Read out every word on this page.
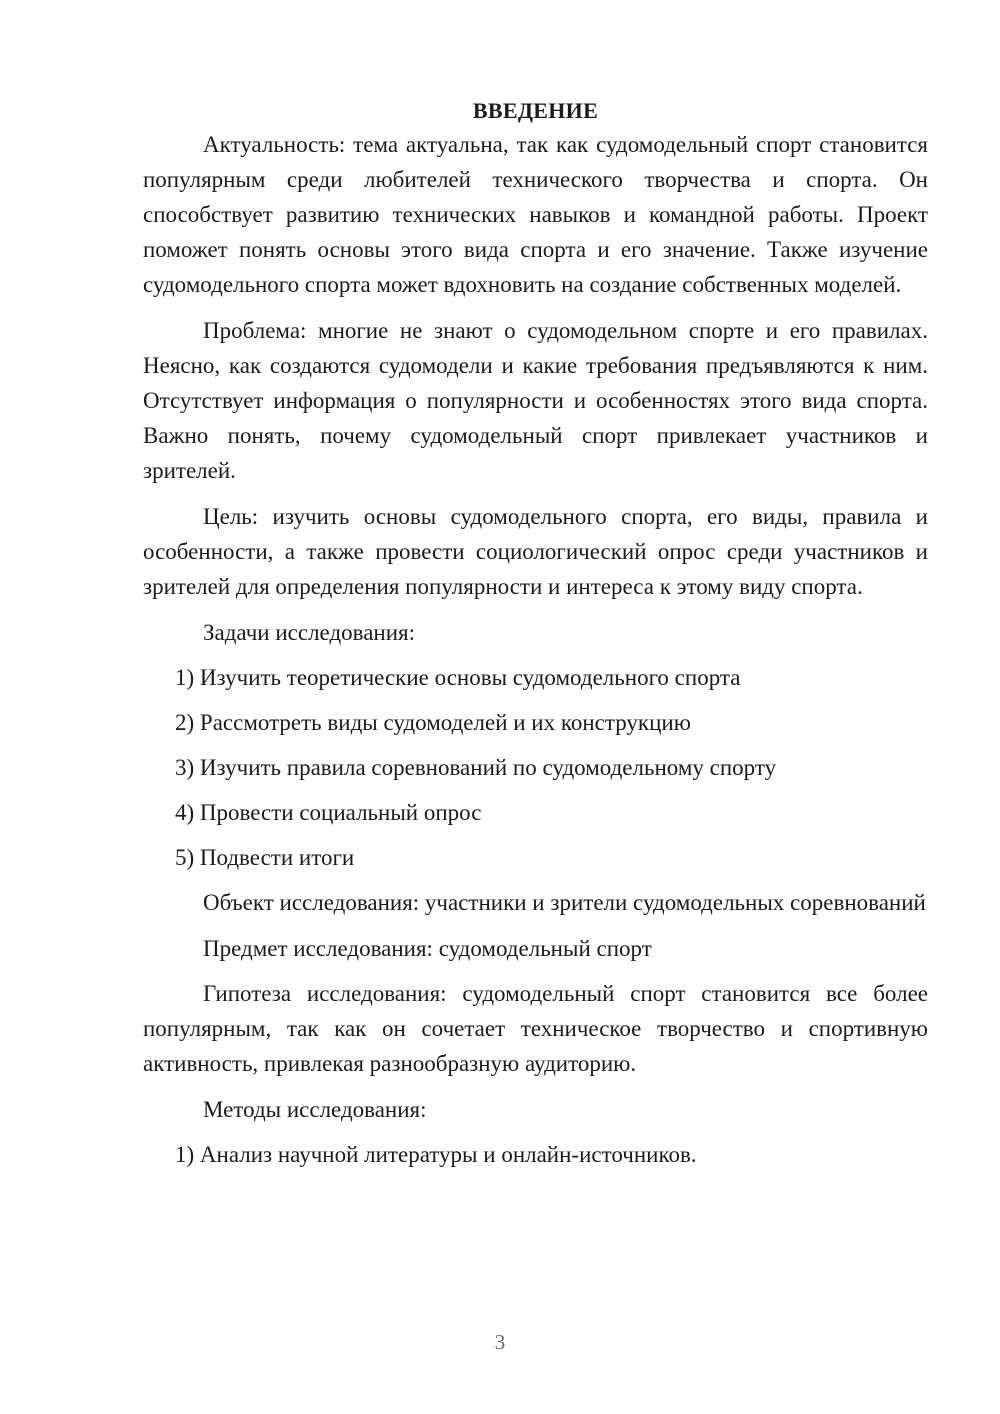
ВВЕДЕНИЕ

Актуальность: тема актуальна, так как судомодельный спорт становится популярным среди любителей технического творчества и спорта. Он способствует развитию технических навыков и командной работы. Проект поможет понять основы этого вида спорта и его значение. Также изучение судомодельного спорта может вдохновить на создание собственных моделей.

Проблема: многие не знают о судомодельном спорте и его правилах. Неясно, как создаются судомодели и какие требования предъявляются к ним. Отсутствует информация о популярности и особенностях этого вида спорта. Важно понять, почему судомодельный спорт привлекает участников и зрителей.

Цель: изучить основы судомодельного спорта, его виды, правила и особенности, а также провести социологический опрос среди участников и зрителей для определения популярности и интереса к этому виду спорта.

Задачи исследования:
1) Изучить теоретические основы судомодельного спорта
2) Рассмотреть виды судомоделей и их конструкцию
3) Изучить правила соревнований по судомодельному спорту
4) Провести социальный опрос
5) Подвести итоги

Объект исследования: участники и зрители судомодельных соревнований

Предмет исследования: судомодельный спорт

Гипотеза исследования: судомодельный спорт становится все более популярным, так как он сочетает техническое творчество и спортивную активность, привлекая разнообразную аудиторию.

Методы исследования:
1) Анализ научной литературы и онлайн-источников.
3
